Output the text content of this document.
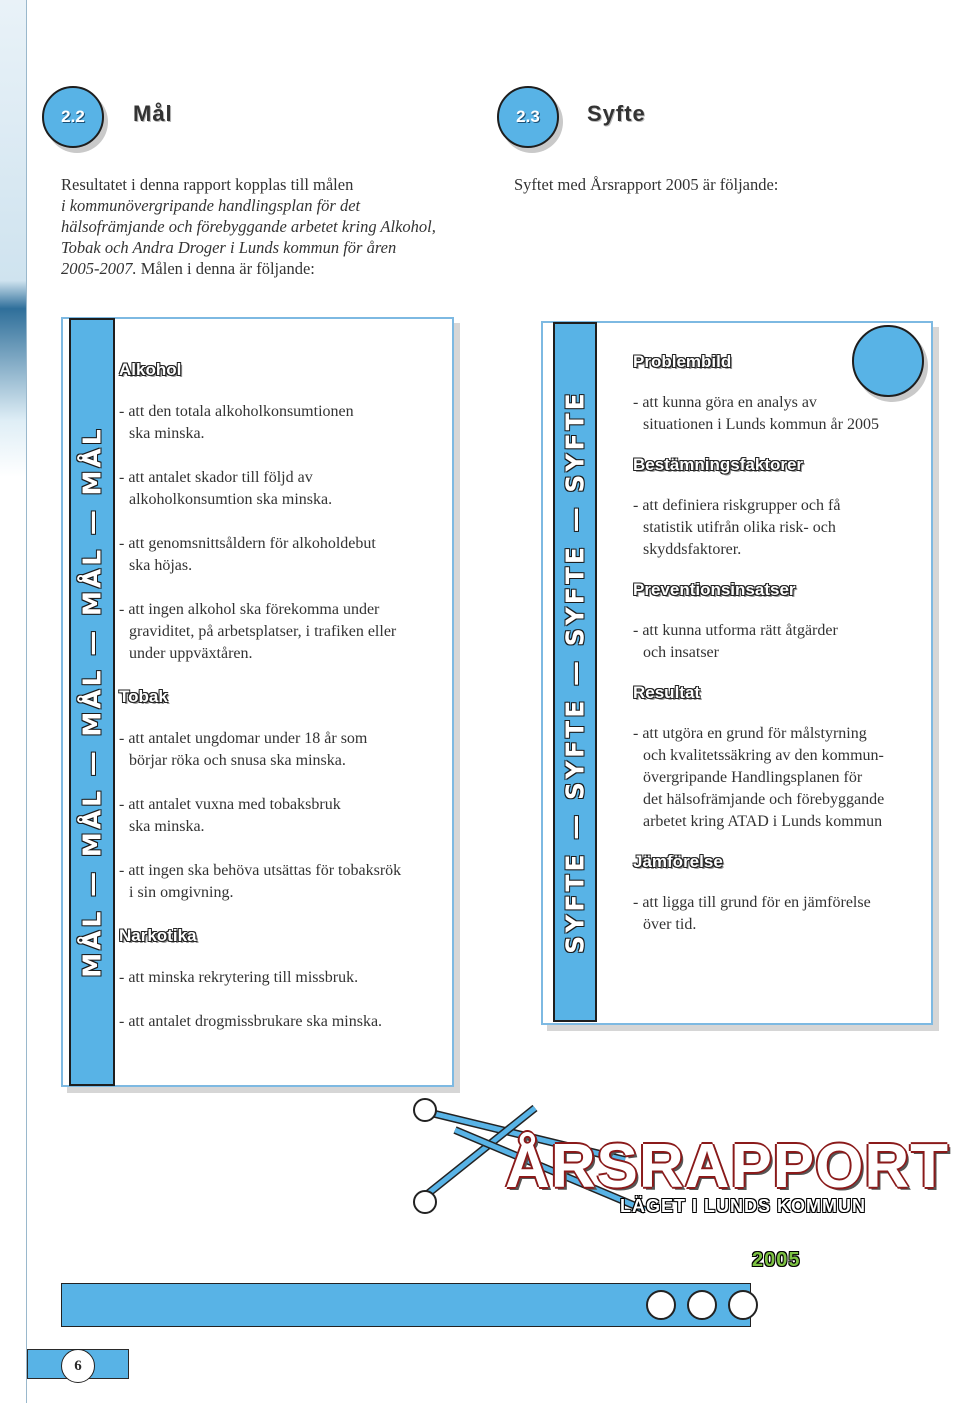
2.2 Mål	2.3 Syfte
Resultatet i denna rapport kopplas till målen
i kommunövergripande handlingsplan för det
hälsofrämjande och förebyggande arbetet kring Alkohol,
Tobak och Andra Droger i Lunds kommun för åren
2005-2007. Målen i denna är följande:
Syftet med Årsrapport 2005 är följande:
MÅL — MÅL — MÅL — MÅL — MÅL
Alkohol
- att den totala alkoholkonsumtionen
ska minska.
- att antalet skador till följd av
alkoholkonsumtion ska minska.
- att genomsnittsåldern för alkoholdebut
ska höjas.
- att ingen alkohol ska förekomma under
graviditet, på arbetsplatser, i trafiken eller
under uppväxtåren.
Tobak
- att antalet ungdomar under 18 år som
börjar röka och snusa ska minska.
- att antalet vuxna med tobaksbruk
ska minska.
- att ingen ska behöva utsättas för tobaksrök
i sin omgivning.
Narkotika
- att minska rekrytering till missbruk.
- att antalet drogmissbrukare ska minska.
SYFTE — SYFTE — SYFTE — SYFTE
Problembild
- att kunna göra en analys av
situationen i Lunds kommun år 2005
Bestämningsfaktorer
- att definiera riskgrupper och få
statistik utifrån olika risk- och
skyddsfaktorer.
Preventionsinsatser
- att kunna utforma rätt åtgärder
och insatser
Resultat
- att utgöra en grund för målstyrning
och kvalitetssäkring av den kommun-
övergripande Handlingsplanen för
det hälsofrämjande och förebyggande
arbetet kring ATAD i Lunds kommun
Jämförelse
- att ligga till grund för en jämförelse
över tid.
ÅRSRAPPORT
LÄGET I LUNDS KOMMUN
2005
6
